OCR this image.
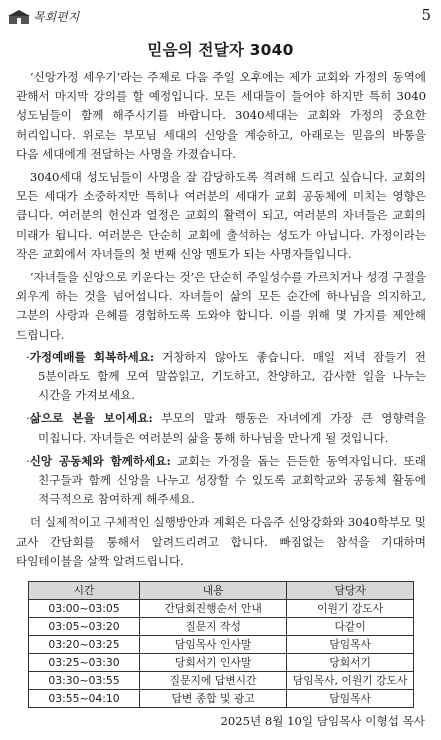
목회편지	5
믿음의 전달자 3040

‘신앙가정 세우기’라는 주제로 다음 주일 오후에는 제가 교회와 가정의 동역에 관해서 마지막 강의를 할 예정입니다. 모든 세대들이 들어야 하지만 특히 3040 성도님들이 함께 해주시기를 바랍니다. 3040세대는 교회와 가정의 중요한 허리입니다. 위로는 부모님 세대의 신앙을 계승하고, 아래로는 믿음의 바통을 다음 세대에게 전달하는 사명을 가졌습니다.

3040세대 성도님들이 사명을 잘 감당하도록 격려해 드리고 싶습니다. 교회의 모든 세대가 소중하지만 특히나 여러분의 세대가 교회 공동체에 미치는 영향은 큽니다. 여러분의 헌신과 열정은 교회의 활력이 되고, 여러분의 자녀들은 교회의 미래가 됩니다. 여러분은 단순히 교회에 출석하는 성도가 아닙니다. 가정이라는 작은 교회에서 자녀들의 첫 번째 신앙 멘토가 되는 사명자들입니다.

‘자녀들을 신앙으로 키운다는 것’은 단순히 주일성수를 가르치거나 성경 구절을 외우게 하는 것을 넘어섭니다. 자녀들이 삶의 모든 순간에 하나님을 의지하고, 그분의 사랑과 은혜를 경험하도록 도와야 합니다. 이를 위해 몇 가지를 제안해 드립니다.

·가정예배를 회복하세요: 거창하지 않아도 좋습니다. 매일 저녁 잠들기 전 5분이라도 함께 모여 말씀읽고, 기도하고, 찬양하고, 감사한 일을 나누는 시간을 가져보세요.
·삶으로 본을 보이세요: 부모의 말과 행동은 자녀에게 가장 큰 영향력을 미칩니다. 자녀들은 여러분의 삶을 통해 하나님을 만나게 될 것입니다.
·신앙 공동체와 함께하세요: 교회는 가정을 돕는 든든한 동역자입니다. 또래 친구들과 함께 신앙을 나누고 성장할 수 있도록 교회학교와 공동체 활동에 적극적으로 참여하게 해주세요.

더 실제적이고 구체적인 실행방안과 계획은 다음주 신앙강화와 3040학부모 및 교사 간담회를 통해서 알려드리려고 합니다. 빠짐없는 참석을 기대하며 타임테이블을 살짝 알려드립니다.

시간	내용	담당자
03:00~03:05	간담회진행순서 안내	이원기 강도사
03:05~03:20	질문지 작성	다같이
03:20~03:25	담임목사 인사말	담임목사
03:25~03:30	당회서기 인사말	당회서기
03:30~03:55	질문지에 답변시간	담임목사, 이원기 강도사
03:55~04:10	답변 종합 및 광고	담임목사
2025년 8월 10일 담임목사 이형섭 목사
